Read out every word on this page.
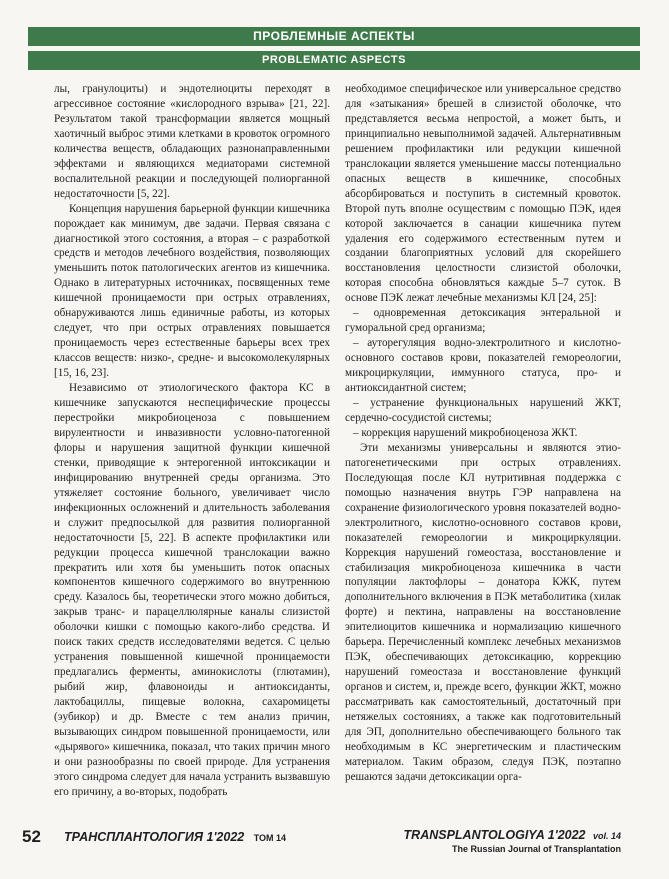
ПРОБЛЕМНЫЕ АСПЕКТЫ
PROBLEMATIC ASPECTS

лы, гранулоциты) и эндотелиоциты переходят в агрессивное состояние «кислородного взрыва» [21, 22]. Результатом такой трансформации является мощный хаотичный выброс этими клетками в кровоток огромного количества веществ, обладающих разнонаправленными эффектами и являющихся медиаторами системной воспалительной реакции и последующей полиорганной недостаточности [5, 22].

Концепция нарушения барьерной функции кишечника порождает как минимум, две задачи. Первая связана с диагностикой этого состояния, а вторая – с разработкой средств и методов лечебного воздействия, позволяющих уменьшить поток патологических агентов из кишечника. Однако в литературных источниках, посвященных теме кишечной проницаемости при острых отравлениях, обнаруживаются лишь единичные работы, из которых следует, что при острых отравлениях повышается проницаемость через естественные барьеры всех трех классов веществ: низко-, средне- и высокомолекулярных [15, 16, 23].

Независимо от этиологического фактора КС в кишечнике запускаются неспецифические процессы перестройки микробиоценоза с повышением вирулентности и инвазивности условно-патогенной флоры и нарушения защитной функции кишечной стенки, приводящие к энтерогенной интоксикации и инфицированию внутренней среды организма. Это утяжеляет состояние больного, увеличивает число инфекционных осложнений и длительность заболевания и служит предпосылкой для развития полиорганной недостаточности [5, 22]. В аспекте профилактики или редукции процесса кишечной транслокации важно прекратить или хотя бы уменьшить поток опасных компонентов кишечного содержимого во внутреннюю среду. Казалось бы, теоретически этого можно добиться, закрыв транс- и парацеллюлярные каналы слизистой оболочки кишки с помощью какого-либо средства. И поиск таких средств исследователями ведется. С целью устранения повышенной кишечной проницаемости предлагались ферменты, аминокислоты (глютамин), рыбий жир, флавоноиды и антиоксиданты, лактобациллы, пищевые волокна, сахаромицеты (эубикор) и др. Вместе с тем анализ причин, вызывающих синдром повышенной проницаемости, или «дырявого» кишечника, показал, что таких причин много и они разнообразны по своей природе. Для устранения этого синдрома следует для начала устранить вызвавшую его причину, а во-вторых, подобрать

необходимое специфическое или универсальное средство для «затыкания» брешей в слизистой оболочке, что представляется весьма непростой, а может быть, и принципиально невыполнимой задачей. Альтернативным решением профилактики или редукции кишечной транслокации является уменьшение массы потенциально опасных веществ в кишечнике, способных абсорбироваться и поступить в системный кровоток. Второй путь вполне осуществим с помощью ПЭК, идея которой заключается в санации кишечника путем удаления его содержимого естественным путем и создании благоприятных условий для скорейшего восстановления целостности слизистой оболочки, которая способна обновляться каждые 5–7 суток. В основе ПЭК лежат лечебные механизмы КЛ [24, 25]:

– одновременная детоксикация энтеральной и гуморальной сред организма;

– ауторегуляция водно-электролитного и кислотно-основного составов крови, показателей гемореологии, микроциркуляции, иммунного статуса, про- и антиоксидантной систем;

– устранение функциональных нарушений ЖКТ, сердечно-сосудистой системы;

– коррекция нарушений микробиоценоза ЖКТ.

Эти механизмы универсальны и являются этио-патогенетическими при острых отравлениях. Последующая после КЛ нутритивная поддержка с помощью назначения внутрь ГЭР направлена на сохранение физиологического уровня показателей водно-электролитного, кислотно-основного составов крови, показателей гемореологии и микроциркуляции. Коррекция нарушений гомеостаза, восстановление и стабилизация микробиоценоза кишечника в части популяции лактофлоры – донатора КЖК, путем дополнительного включения в ПЭК метаболитика (хилак форте) и пектина, направлены на восстановление эпителиоцитов кишечника и нормализацию кишечного барьера. Перечисленный комплекс лечебных механизмов ПЭК, обеспечивающих детоксикацию, коррекцию нарушений гомеостаза и восстановление функций органов и систем, и, прежде всего, функции ЖКТ, можно рассматривать как самостоятельный, достаточный при нетяжелых состояниях, а также как подготовительный для ЭП, дополнительно обеспечивающего больного так необходимым в КС энергетическим и пластическим материалом. Таким образом, следуя ПЭК, поэтапно решаются задачи детоксикации орга-

52 ТРАНСПЛАНТОЛОГИЯ 1'2022 ТОМ 14	TRANSPLANTOLOGIYA 1'2022 vol. 14
The Russian Journal of Transplantation
